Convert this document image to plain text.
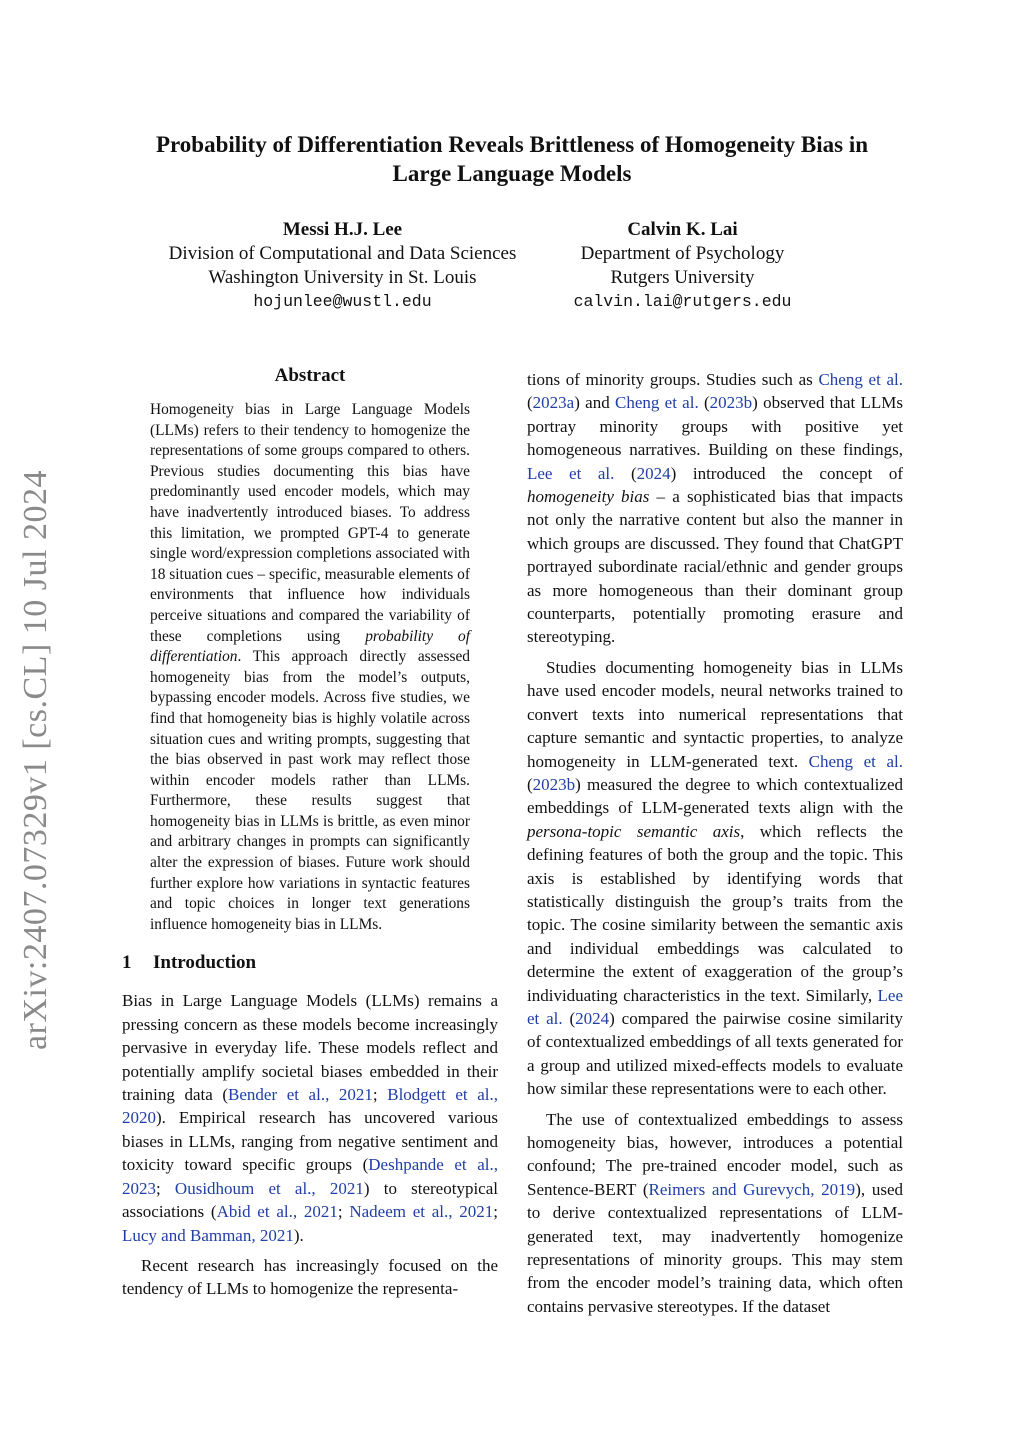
Probability of Differentiation Reveals Brittleness of Homogeneity Bias in
Large Language Models
Messi H.J. Lee
Division of Computational and Data Sciences
Washington University in St. Louis
hojunlee@wustl.edu
Calvin K. Lai
Department of Psychology
Rutgers University
calvin.lai@rutgers.edu
arXiv:2407.07329v1 [cs.CL] 10 Jul 2024
Abstract

Homogeneity bias in Large Language Models (LLMs) refers to their tendency to homogenize the representations of some groups compared to others. Previous studies documenting this bias have predominantly used encoder models, which may have inadvertently introduced biases. To address this limitation, we prompted GPT-4 to generate single word/expression completions associated with 18 situation cues – specific, measurable elements of environments that influence how individuals perceive situations and compared the variability of these completions using probability of differentiation. This approach directly assessed homogeneity bias from the model’s outputs, bypassing encoder models. Across five studies, we find that homogeneity bias is highly volatile across situation cues and writing prompts, suggesting that the bias observed in past work may reflect those within encoder models rather than LLMs. Furthermore, these results suggest that homogeneity bias in LLMs is brittle, as even minor and arbitrary changes in prompts can significantly alter the expression of biases. Future work should further explore how variations in syntactic features and topic choices in longer text generations influence homogeneity bias in LLMs.

1 Introduction

Bias in Large Language Models (LLMs) remains a pressing concern as these models become increasingly pervasive in everyday life. These models reflect and potentially amplify societal biases embedded in their training data (Bender et al., 2021; Blodgett et al., 2020). Empirical research has uncovered various biases in LLMs, ranging from negative sentiment and toxicity toward specific groups (Deshpande et al., 2023; Ousidhoum et al., 2021) to stereotypical associations (Abid et al., 2021; Nadeem et al., 2021; Lucy and Bamman, 2021).

Recent research has increasingly focused on the tendency of LLMs to homogenize the representa-

tions of minority groups. Studies such as Cheng et al. (2023a) and Cheng et al. (2023b) observed that LLMs portray minority groups with positive yet homogeneous narratives. Building on these findings, Lee et al. (2024) introduced the concept of homogeneity bias – a sophisticated bias that impacts not only the narrative content but also the manner in which groups are discussed. They found that ChatGPT portrayed subordinate racial/ethnic and gender groups as more homogeneous than their dominant group counterparts, potentially promoting erasure and stereotyping.

Studies documenting homogeneity bias in LLMs have used encoder models, neural networks trained to convert texts into numerical representations that capture semantic and syntactic properties, to analyze homogeneity in LLM-generated text. Cheng et al. (2023b) measured the degree to which contextualized embeddings of LLM-generated texts align with the persona-topic semantic axis, which reflects the defining features of both the group and the topic. This axis is established by identifying words that statistically distinguish the group’s traits from the topic. The cosine similarity between the semantic axis and individual embeddings was calculated to determine the extent of exaggeration of the group’s individuating characteristics in the text. Similarly, Lee et al. (2024) compared the pairwise cosine similarity of contextualized embeddings of all texts generated for a group and utilized mixed-effects models to evaluate how similar these representations were to each other.

The use of contextualized embeddings to assess homogeneity bias, however, introduces a potential confound; The pre-trained encoder model, such as Sentence-BERT (Reimers and Gurevych, 2019), used to derive contextualized representations of LLM-generated text, may inadvertently homogenize representations of minority groups. This may stem from the encoder model’s training data, which often contains pervasive stereotypes. If the dataset
